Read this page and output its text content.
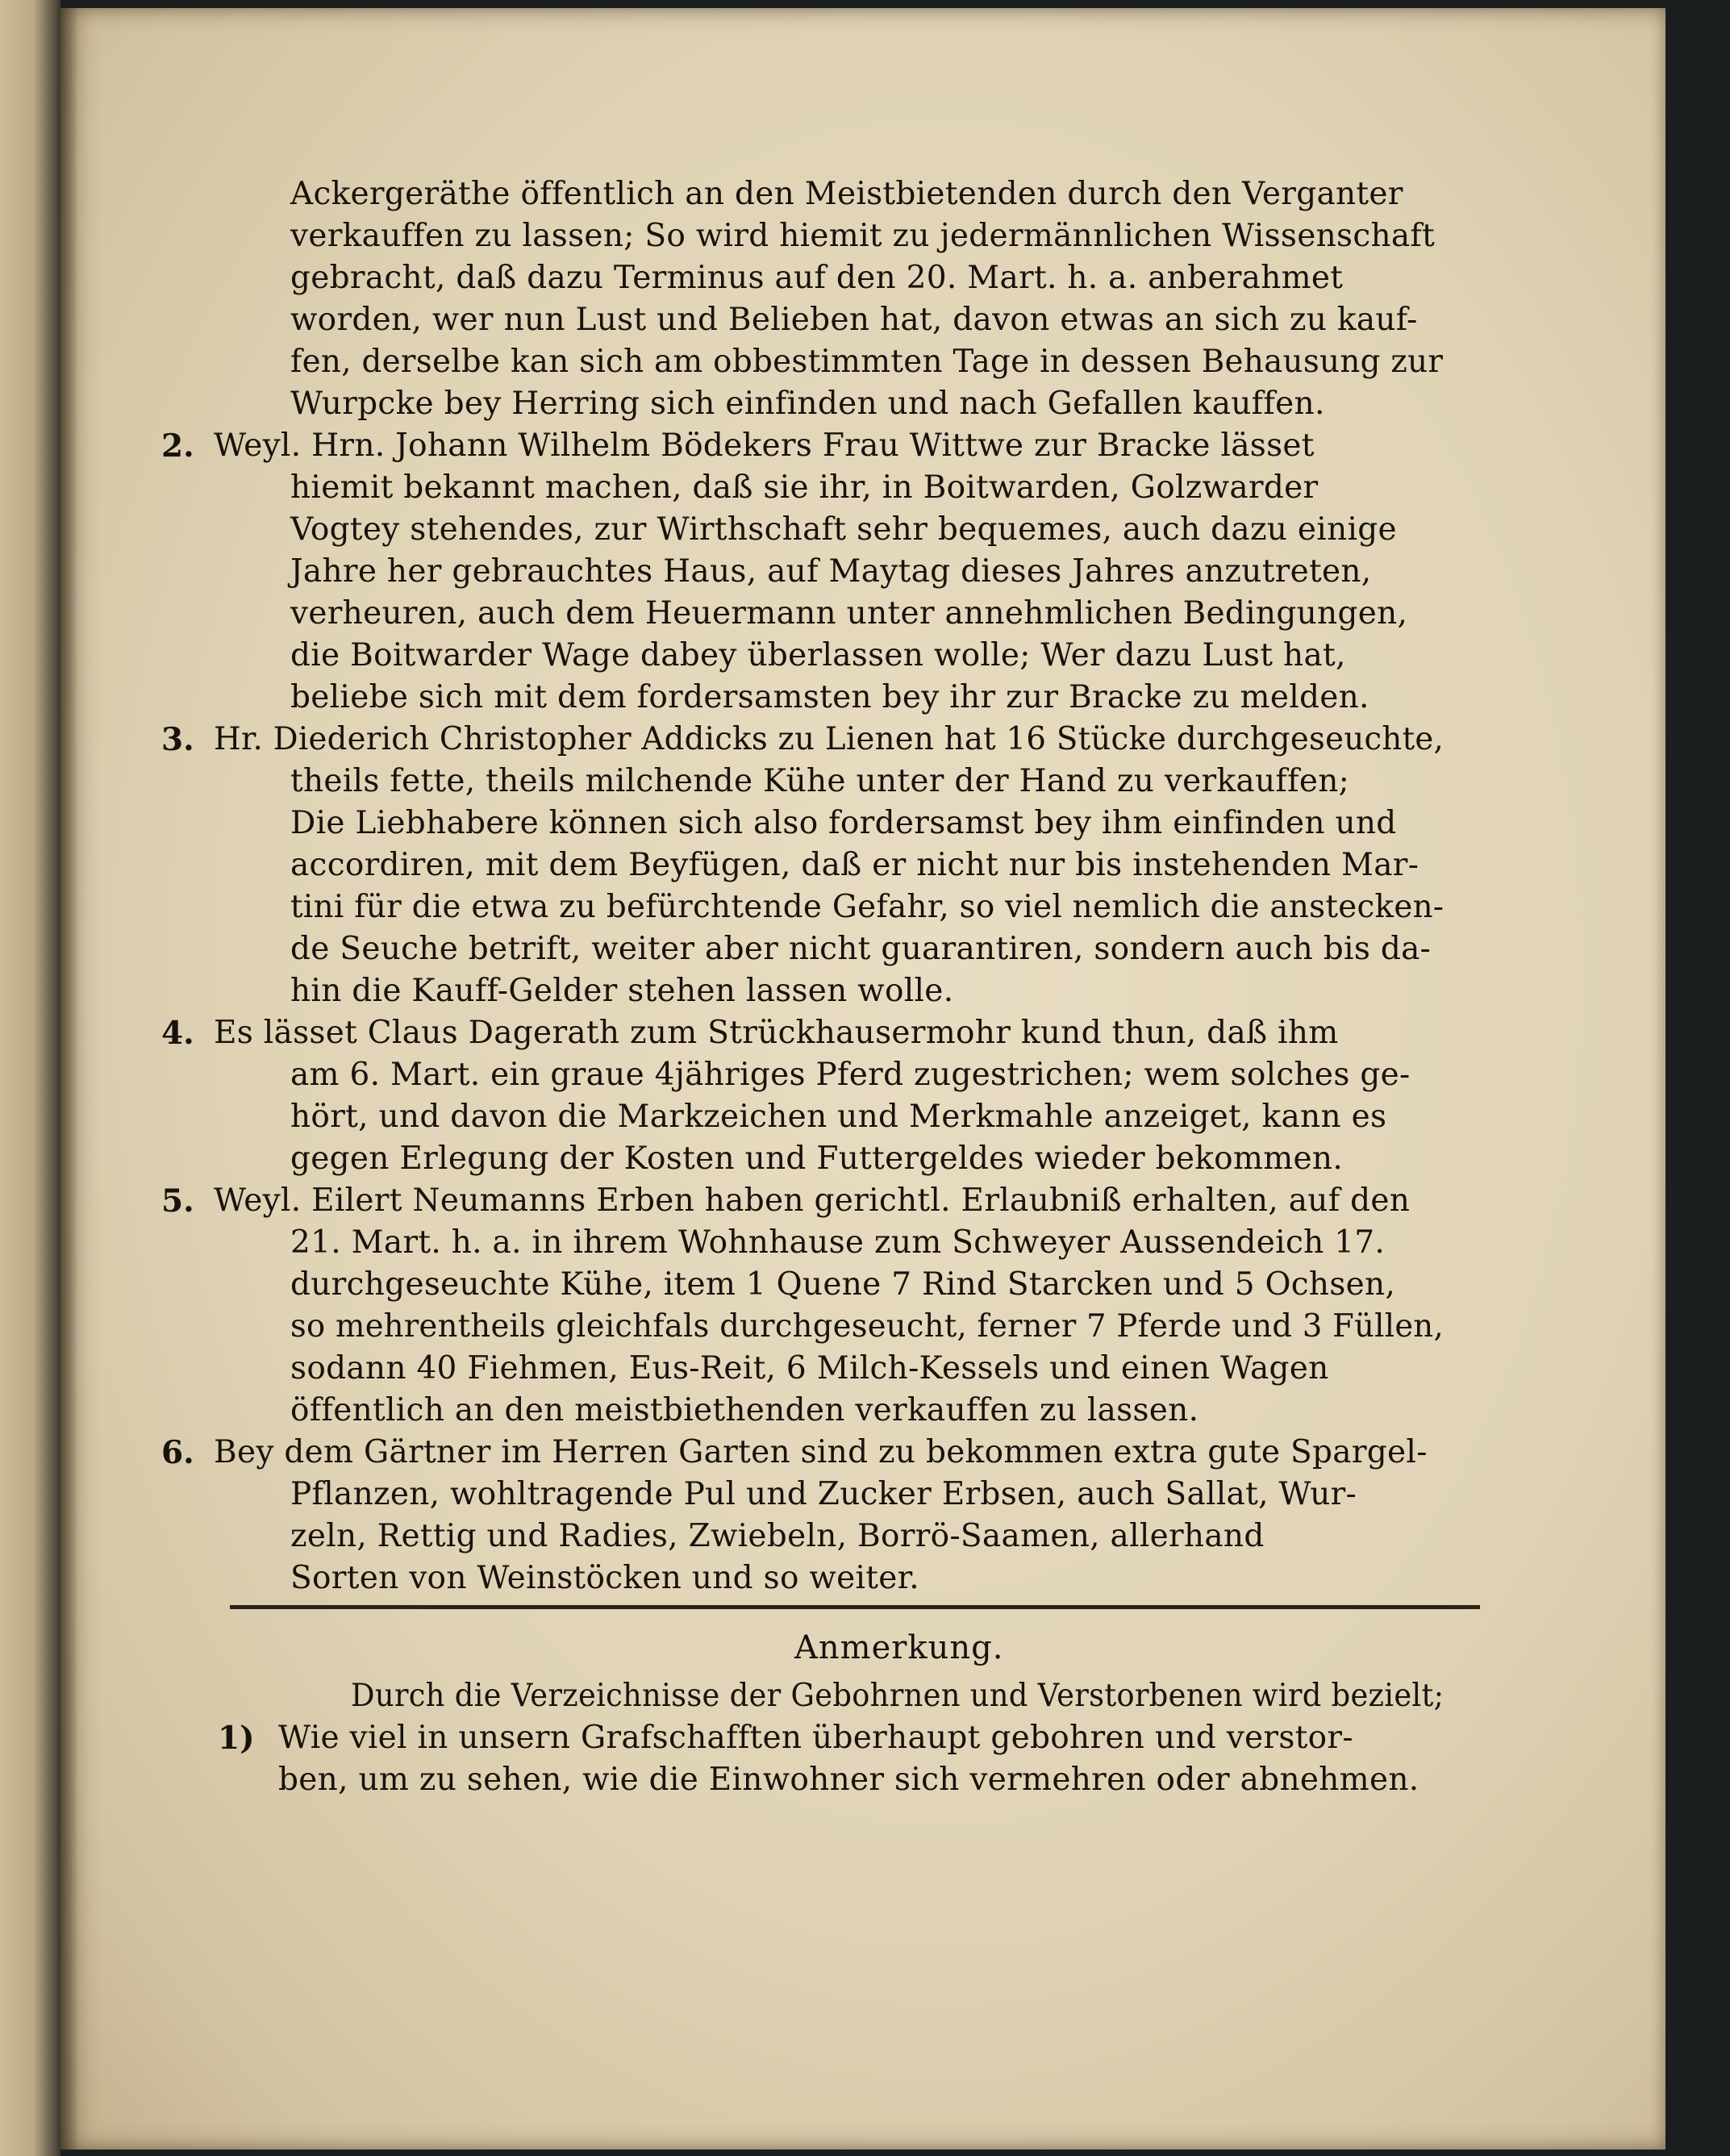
Ackergeräthe öffentlich an den Meistbietenden durch den Verganter
verkauffen zu lassen; So wird hiemit zu jedermännlichen Wissenschaft
gebracht, daß dazu Terminus auf den 20. Mart. h. a. anberahmet
worden, wer nun Lust und Belieben hat, davon etwas an sich zu kauf-
fen, derselbe kan sich am obbestimmten Tage in dessen Behausung zur
Wurpcke bey Herring sich einfinden und nach Gefallen kauffen.
2. Weyl. Hrn. Johann Wilhelm Bödekers Frau Wittwe zur Bracke lässet
hiemit bekannt machen, daß sie ihr, in Boitwarden, Golzwarder
Vogtey stehendes, zur Wirthschaft sehr bequemes, auch dazu einige
Jahre her gebrauchtes Haus, auf Maytag dieses Jahres anzutreten,
verheuren, auch dem Heuermann unter annehmlichen Bedingungen,
die Boitwarder Wage dabey überlassen wolle; Wer dazu Lust hat,
beliebe sich mit dem fordersamsten bey ihr zur Bracke zu melden.
3. Hr. Diederich Christopher Addicks zu Lienen hat 16 Stücke durchgeseuchte,
theils fette, theils milchende Kühe unter der Hand zu verkauffen;
Die Liebhabere können sich also fordersamst bey ihm einfinden und
accordiren, mit dem Beyfügen, daß er nicht nur bis instehenden Mar-
tini für die etwa zu befürchtende Gefahr, so viel nemlich die anstecken-
de Seuche betrift, weiter aber nicht guarantiren, sondern auch bis da-
hin die Kauff-Gelder stehen lassen wolle.
4. Es lässet Claus Dagerath zum Strückhausermohr kund thun, daß ihm
am 6. Mart. ein graue 4jähriges Pferd zugestrichen; wem solches ge-
hört, und davon die Markzeichen und Merkmahle anzeiget, kann es
gegen Erlegung der Kosten und Futtergeldes wieder bekommen.
5. Weyl. Eilert Neumanns Erben haben gerichtl. Erlaubniß erhalten, auf den
21. Mart. h. a. in ihrem Wohnhause zum Schweyer Aussendeich 17.
durchgeseuchte Kühe, item 1 Quene 7 Rind Starcken und 5 Ochsen,
so mehrentheils gleichfals durchgeseucht, ferner 7 Pferde und 3 Füllen,
sodann 40 Fiehmen, Eus-Reit, 6 Milch-Kessels und einen Wagen
öffentlich an den meistbiethenden verkauffen zu lassen.
6. Bey dem Gärtner im Herren Garten sind zu bekommen extra gute Spargel-
Pflanzen, wohltragende Pul und Zucker Erbsen, auch Sallat, Wur-
zeln, Rettig und Radies, Zwiebeln, Borrö-Saamen, allerhand
Sorten von Weinstöcken und so weiter.
Anmerkung.
Durch die Verzeichnisse der Gebohrnen und Verstorbenen wird bezielt;
1) Wie viel in unsern Grafschafften überhaupt gebohren und verstor-
ben, um zu sehen, wie die Einwohner sich vermehren oder abnehmen.
